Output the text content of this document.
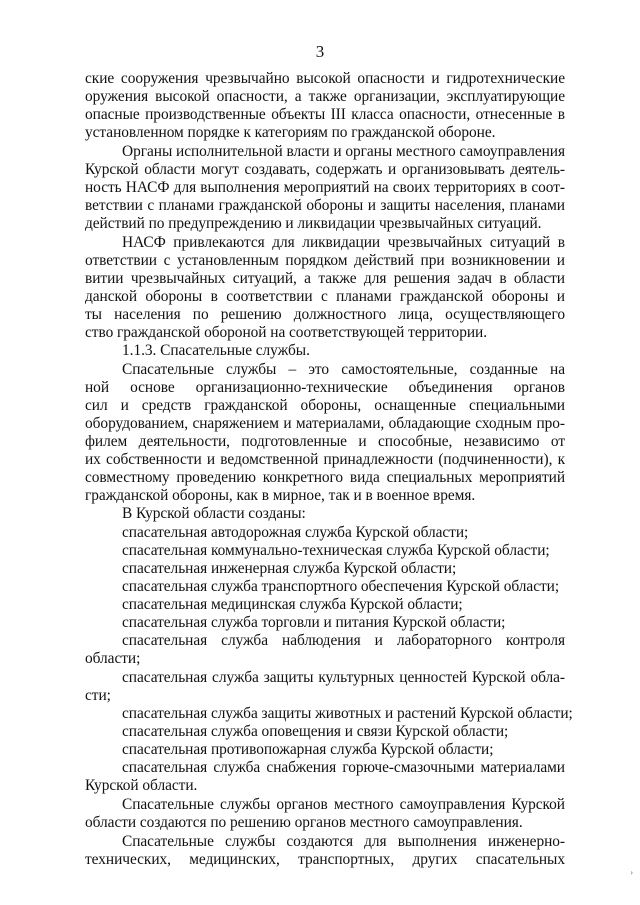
3
ские сооружения чрезвычайно высокой опасности и гидротехнические
оружения высокой опасности, а также организации, эксплуатирующие
опасные производственные объекты III класса опасности, отнесенные в
установленном порядке к категориям по гражданской обороне.
Органы исполнительной власти и органы местного самоуправления
Курской области могут создавать, содержать и организовывать деятель-
ность НАСФ для выполнения мероприятий на своих территориях в соот-
ветствии с планами гражданской обороны и защиты населения, планами
действий по предупреждению и ликвидации чрезвычайных ситуаций.
НАСФ привлекаются для ликвидации чрезвычайных ситуаций в
ответствии с установленным порядком действий при возникновении и
витии чрезвычайных ситуаций, а также для решения задач в области
данской обороны в соответствии с планами гражданской обороны и
ты населения по решению должностного лица, осуществляющего
ство гражданской обороной на соответствующей территории.
1.1.3. Спасательные службы.
Спасательные службы – это самостоятельные, созданные на
ной основе организационно-технические объединения органов
сил и средств гражданской обороны, оснащенные специальными
оборудованием, снаряжением и материалами, обладающие сходным про-
филем деятельности, подготовленные и способные, независимо от
их собственности и ведомственной принадлежности (подчиненности), к
совместному проведению конкретного вида специальных мероприятий
гражданской обороны, как в мирное, так и в военное время.
В Курской области созданы:
спасательная автодорожная служба Курской области;
спасательная коммунально-техническая служба Курской области;
спасательная инженерная служба Курской области;
спасательная служба транспортного обеспечения Курской области;
спасательная медицинская служба Курской области;
спасательная служба торговли и питания Курской области;
спасательная служба наблюдения и лабораторного контроля
области;
спасательная служба защиты культурных ценностей Курской обла-
сти;
спасательная служба защиты животных и растений Курской области;
спасательная служба оповещения и связи Курской области;
спасательная противопожарная служба Курской области;
спасательная служба снабжения горюче-смазочными материалами
Курской области.
Спасательные службы органов местного самоуправления Курской
области создаются по решению органов местного самоуправления.
Спасательные службы создаются для выполнения инженерно-
технических, медицинских, транспортных, других спасательных
›
